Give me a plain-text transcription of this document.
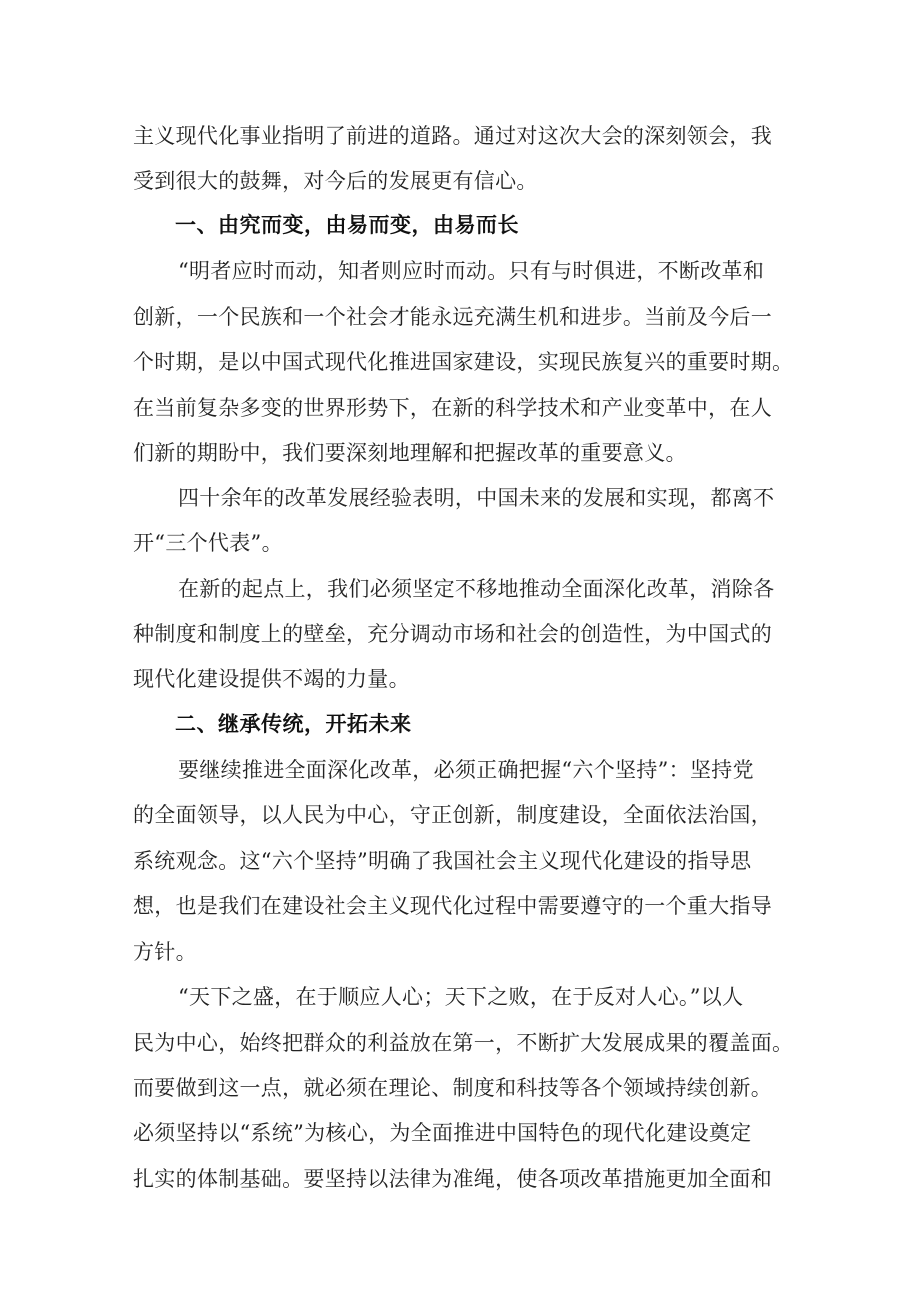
主义现代化事业指明了前进的道路。通过对这次大会的深刻领会，我
受到很大的鼓舞，对今后的发展更有信心。
一、由究而变，由易而变，由易而长
“明者应时而动，知者则应时而动。只有与时俱进，不断改革和
创新，一个民族和一个社会才能永远充满生机和进步。当前及今后一
个时期，是以中国式现代化推进国家建设，实现民族复兴的重要时期。
在当前复杂多变的世界形势下，在新的科学技术和产业变革中，在人
们新的期盼中，我们要深刻地理解和把握改革的重要意义。
四十余年的改革发展经验表明，中国未来的发展和实现，都离不
开“三个代表”。
在新的起点上，我们必须坚定不移地推动全面深化改革，消除各
种制度和制度上的壁垒，充分调动市场和社会的创造性，为中国式的
现代化建设提供不竭的力量。
二、继承传统，开拓未来
要继续推进全面深化改革，必须正确把握“六个坚持”：坚持党
的全面领导，以人民为中心，守正创新，制度建设，全面依法治国，
系统观念。这“六个坚持”明确了我国社会主义现代化建设的指导思
想，也是我们在建设社会主义现代化过程中需要遵守的一个重大指导
方针。
“天下之盛，在于顺应人心；天下之败，在于反对人心。”以人
民为中心，始终把群众的利益放在第一，不断扩大发展成果的覆盖面。
而要做到这一点，就必须在理论、制度和科技等各个领域持续创新。
必须坚持以“系统”为核心，为全面推进中国特色的现代化建设奠定
扎实的体制基础。要坚持以法律为准绳，使各项改革措施更加全面和
